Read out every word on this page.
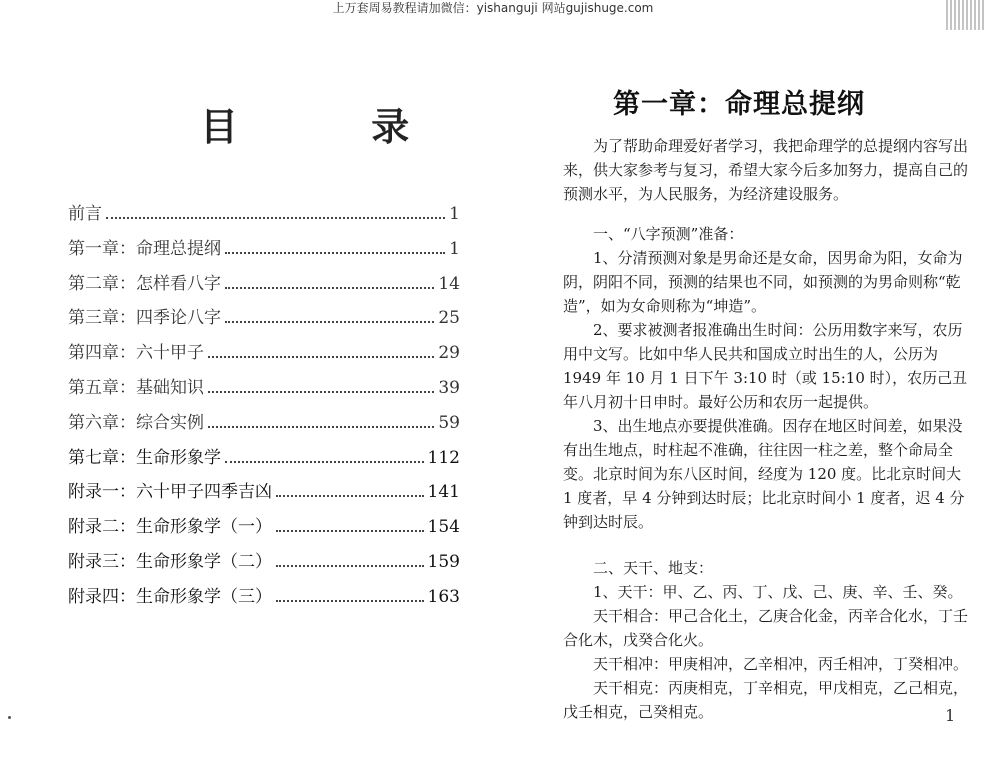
上万套周易教程请加微信：yishanguji 网站gujishuge.com
目 录
前言	1
第一章：命理总提纲	1
第二章：怎样看八字	14
第三章：四季论八字	25
第四章：六十甲子	29
第五章：基础知识	39
第六章：综合实例	59
第七章：生命形象学	112
附录一：六十甲子四季吉凶	141
附录二：生命形象学（一）	154
附录三：生命形象学（二）	159
附录四：生命形象学（三）	163
第一章：命理总提纲

为了帮助命理爱好者学习，我把命理学的总提纲内容写出来，供大家参考与复习，希望大家今后多加努力，提高自己的预测水平，为人民服务，为经济建设服务。

一、“八字预测”准备：

1、分清预测对象是男命还是女命，因男命为阳，女命为阴，阴阳不同，预测的结果也不同，如预测的为男命则称“乾造”，如为女命则称为“坤造”。

2、要求被测者报准确出生时间：公历用数字来写，农历用中文写。比如中华人民共和国成立时出生的人，公历为 1949 年 10 月 1 日下午 3:10 时（或 15:10 时），农历己丑年八月初十日申时。最好公历和农历一起提供。

3、出生地点亦要提供准确。因存在地区时间差，如果没有出生地点，时柱起不准确，往往因一柱之差，整个命局全变。北京时间为东八区时间，经度为 120 度。比北京时间大 1 度者，早 4 分钟到达时辰；比北京时间小 1 度者，迟 4 分钟到达时辰。

二、天干、地支：

1、天干：甲、乙、丙、丁、戊、己、庚、辛、壬、癸。

天干相合：甲己合化土，乙庚合化金，丙辛合化水，丁壬合化木，戊癸合化火。

天干相冲：甲庚相冲，乙辛相冲，丙壬相冲，丁癸相冲。

天干相克：丙庚相克，丁辛相克，甲戊相克，乙己相克，戊壬相克，己癸相克。	1
